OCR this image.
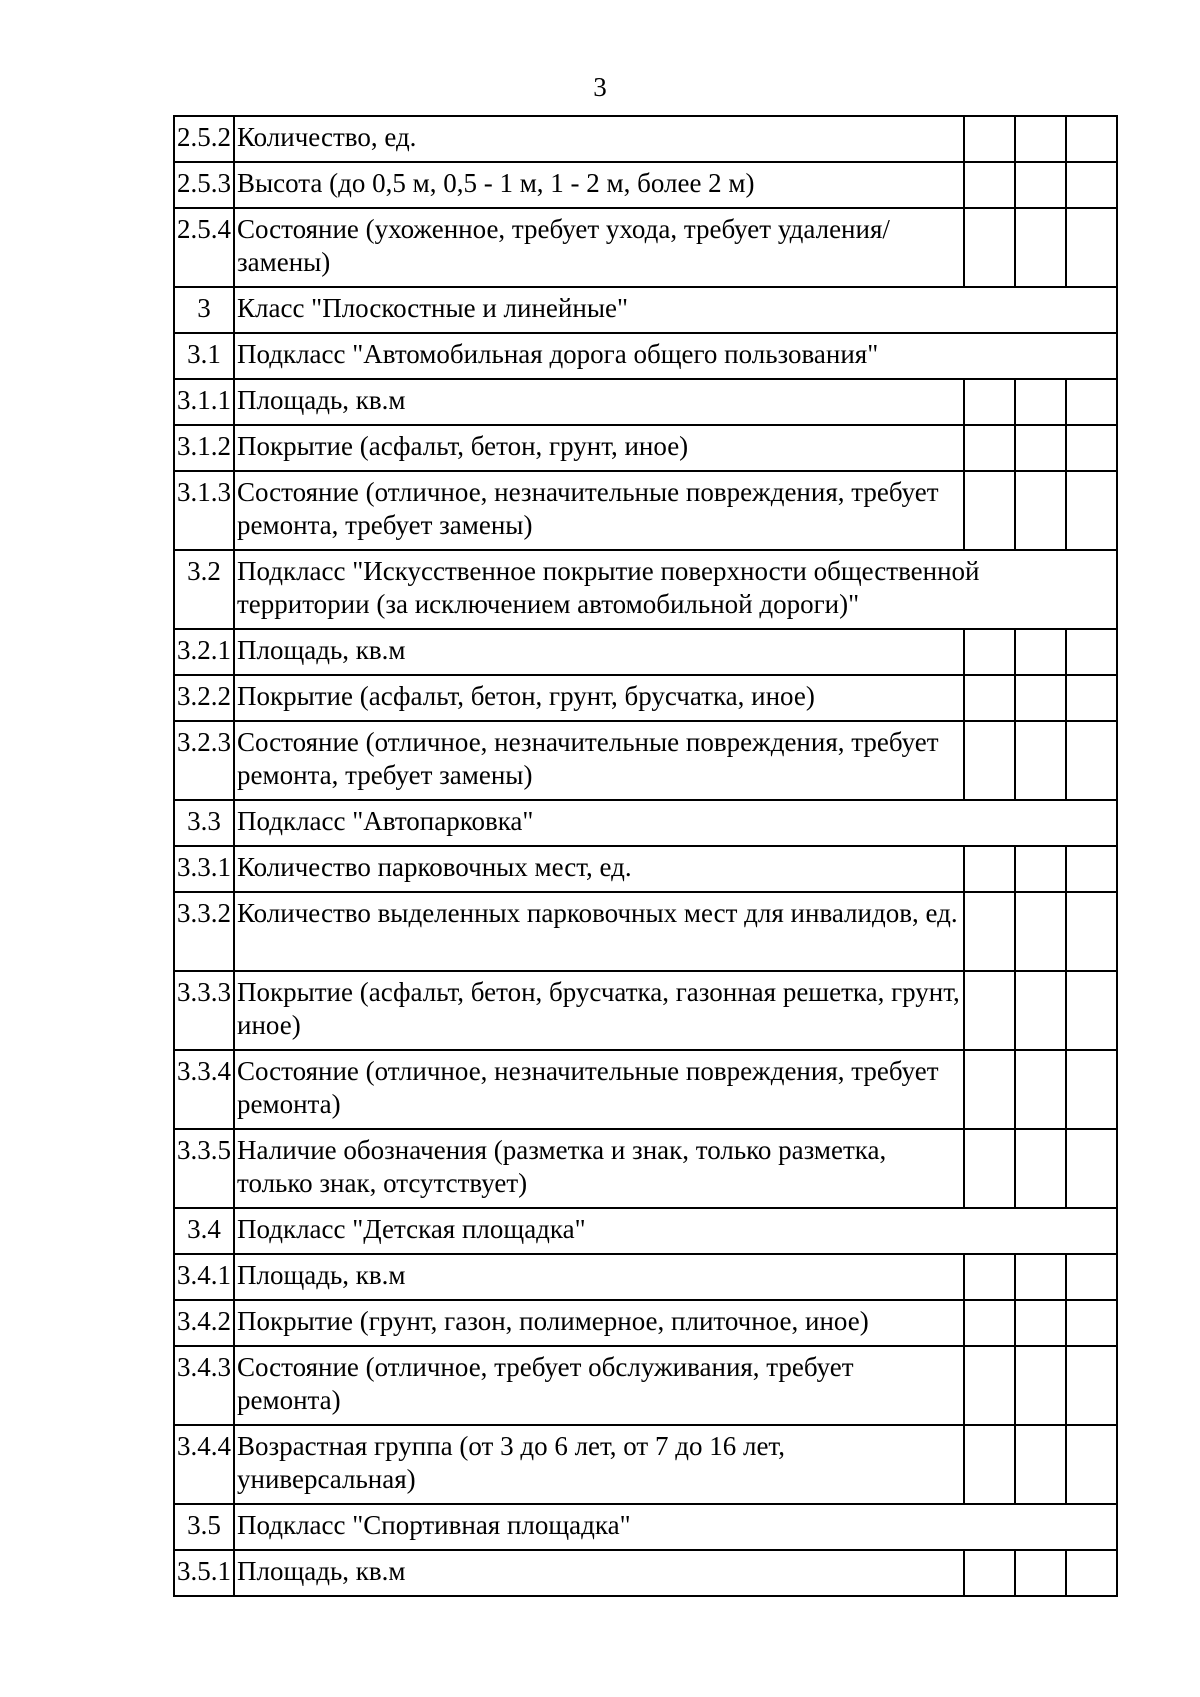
3
2.5.2	Количество, ед.			
2.5.3	Высота (до 0,5 м, 0,5 - 1 м, 1 - 2 м, более 2 м)			
2.5.4	Состояние (ухоженное, требует ухода, требует удаления/замены)			
3	Класс "Плоскостные и линейные"			
3.1	Подкласс "Автомобильная дорога общего пользования"			
3.1.1	Площадь, кв.м			
3.1.2	Покрытие (асфальт, бетон, грунт, иное)			
3.1.3	Состояние (отличное, незначительные повреждения, требует ремонта, требует замены)			
3.2	Подкласс "Искусственное покрытие поверхности общественной территории (за исключением автомобильной дороги)"			
3.2.1	Площадь, кв.м			
3.2.2	Покрытие (асфальт, бетон, грунт, брусчатка, иное)			
3.2.3	Состояние (отличное, незначительные повреждения, требует ремонта, требует замены)			
3.3	Подкласс "Автопарковка"			
3.3.1	Количество парковочных мест, ед.			
3.3.2	Количество выделенных парковочных мест для инвалидов, ед.			
3.3.3	Покрытие (асфальт, бетон, брусчатка, газонная решетка, грунт, иное)			
3.3.4	Состояние (отличное, незначительные повреждения, требует ремонта)			
3.3.5	Наличие обозначения (разметка и знак, только разметка, только знак, отсутствует)			
3.4	Подкласс "Детская площадка"			
3.4.1	Площадь, кв.м			
3.4.2	Покрытие (грунт, газон, полимерное, плиточное, иное)			
3.4.3	Состояние (отличное, требует обслуживания, требует ремонта)			
3.4.4	Возрастная группа (от 3 до 6 лет, от 7 до 16 лет, универсальная)			
3.5	Подкласс "Спортивная площадка"			
3.5.1	Площадь, кв.м			
